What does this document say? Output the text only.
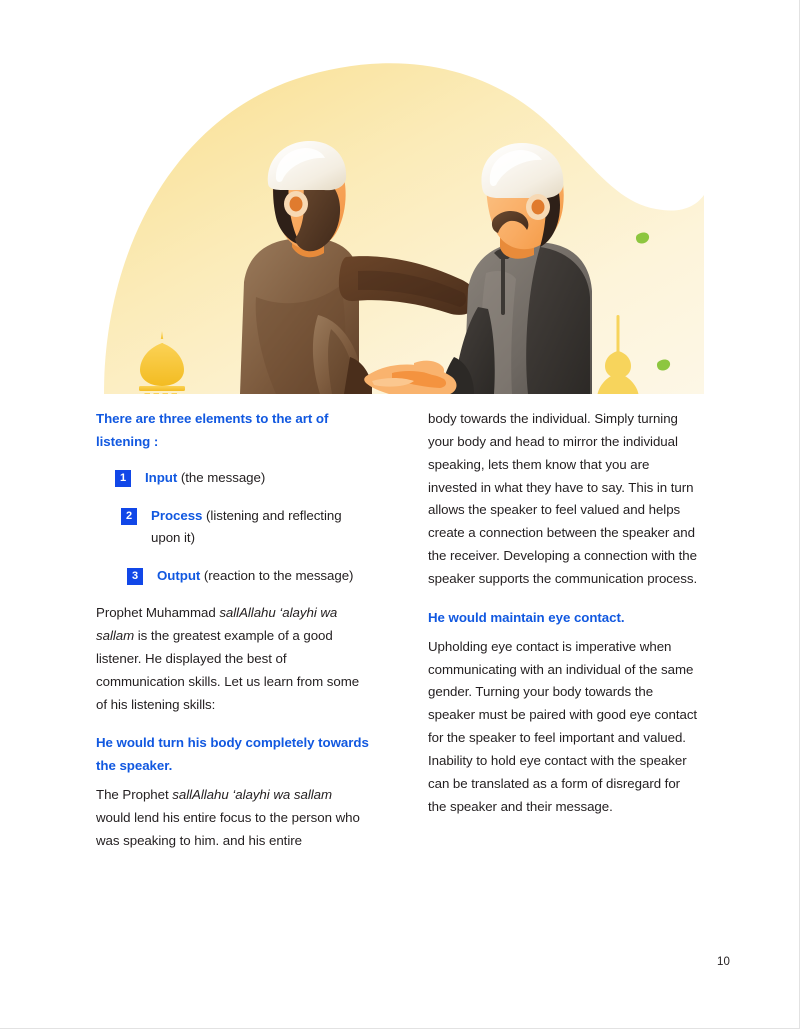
There are three elements to the art of listening :

1	Input (the message)
2	Process (listening and reflecting upon it)
3	Output (reaction to the message)

Prophet Muhammad sallAllahu ‘alayhi wa sallam is the greatest example of a good listener. He displayed the best of communication skills. Let us learn from some of his listening skills:

He would turn his body completely towards the speaker.

The Prophet sallAllahu ‘alayhi wa sallam would lend his entire focus to the person who was speaking to him. and his entire

body towards the individual. Simply turning your body and head to mirror the individual speaking, lets them know that you are invested in what they have to say. This in turn allows the speaker to feel valued and helps create a connection between the speaker and the receiver. Developing a connection with the speaker supports the communication process.

He would maintain eye contact.

Upholding eye contact is imperative when communicating with an individual of the same gender. Turning your body towards the speaker must be paired with good eye contact for the speaker to feel important and valued. Inability to hold eye contact with the speaker can be translated as a form of disregard for the speaker and their message.

10
